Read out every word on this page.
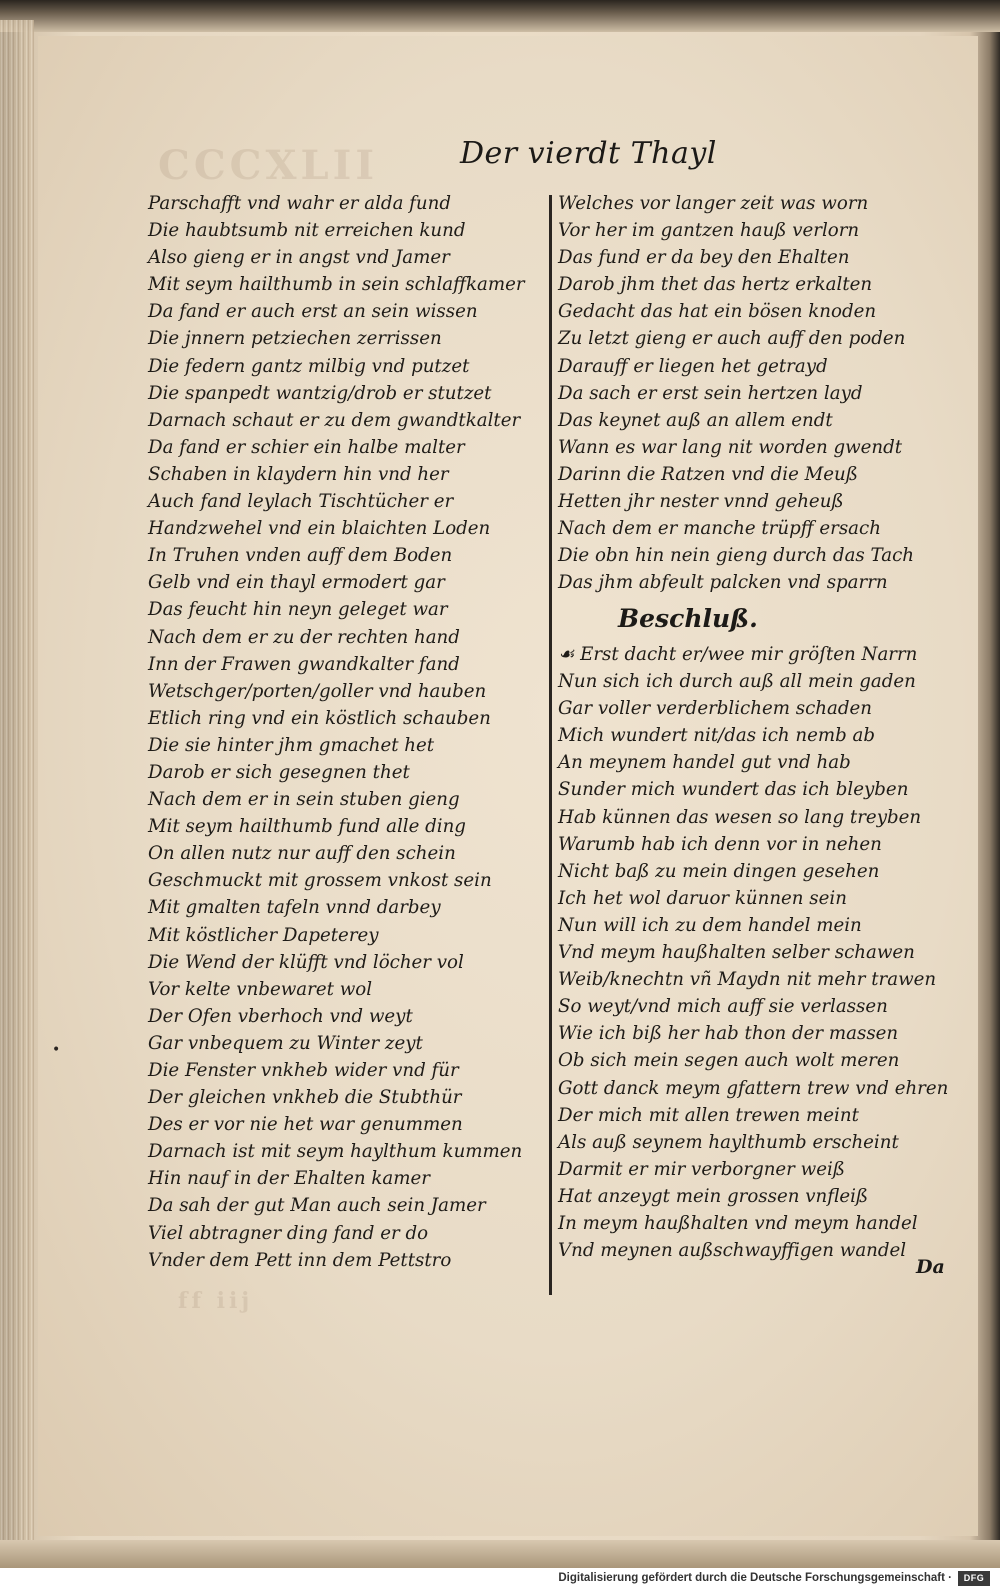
CCCXLII
ff iij
Der vierdt Thayl
Parschafft vnd wahr er alda fund
Die haubtsumb nit erreichen kund
Also gieng er in angst vnd Jamer
Mit seym hailthumb in sein schlaffkamer
Da fand er auch erst an sein wissen
Die jnnern petziechen zerrissen
Die federn gantz milbig vnd putzet
Die spanpedt wantzig/drob er stutzet
Darnach schaut er zu dem gwandtkalter
Da fand er schier ein halbe malter
Schaben in klaydern hin vnd her
Auch fand leylach Tischtücher er
Handzwehel vnd ein blaichten Loden
In Truhen vnden auff dem Boden
Gelb vnd ein thayl ermodert gar
Das feucht hin neyn geleget war
Nach dem er zu der rechten hand
Inn der Frawen gwandkalter fand
Wetschger/porten/goller vnd hauben
Etlich ring vnd ein köstlich schauben
Die sie hinter jhm gmachet het
Darob er sich gesegnen thet
Nach dem er in sein stuben gieng
Mit seym hailthumb fund alle ding
On allen nutz nur auff den schein
Geschmuckt mit grossem vnkost sein
Mit gmalten tafeln vnnd darbey
Mit köstlicher Dapeterey
Die Wend der klüfft vnd löcher vol
Vor kelte vnbewaret wol
Der Ofen vberhoch vnd weyt
Gar vnbequem zu Winter zeyt
Die Fenster vnkheb wider vnd für
Der gleichen vnkheb die Stubthür
Des er vor nie het war genummen
Darnach ist mit seym haylthum kummen
Hin nauf in der Ehalten kamer
Da sah der gut Man auch sein Jamer
Viel abtragner ding fand er do
Vnder dem Pett inn dem Pettstro
Welches vor langer zeit was worn
Vor her im gantzen hauß verlorn
Das fund er da bey den Ehalten
Darob jhm thet das hertz erkalten
Gedacht das hat ein bösen knoden
Zu letzt gieng er auch auff den poden
Darauff er liegen het getrayd
Da sach er erst sein hertzen layd
Das keynet auß an allem endt
Wann es war lang nit worden gwendt
Darinn die Ratzen vnd die Meuß
Hetten jhr nester vnnd geheuß
Nach dem er manche trüpff ersach
Die obn hin nein gieng durch das Tach
Das jhm abfeult palcken vnd sparrn
Beschluß.
☙ Erst dacht er/wee mir gröſten Narrn
Nun sich ich durch auß all mein gaden
Gar voller verderblichem schaden
Mich wundert nit/das ich nemb ab
An meynem handel gut vnd hab
Sunder mich wundert das ich bleyben
Hab künnen das wesen so lang treyben
Warumb hab ich denn vor in nehen
Nicht baß zu mein dingen gesehen
Ich het wol daruor künnen sein
Nun will ich zu dem handel mein
Vnd meym haußhalten selber schawen
Weib/knechtn vñ Maydn nit mehr trawen
So weyt/vnd mich auff sie verlassen
Wie ich biß her hab thon der massen
Ob sich mein segen auch wolt meren
Gott danck meym gfattern trew vnd ehren
Der mich mit allen trewen meint
Als auß seynem haylthumb erscheint
Darmit er mir verborgner weiß
Hat anzeygt mein grossen vnfleiß
In meym haußhalten vnd meym handel
Vnd meynen außschwayffigen wandel
Da
•
Digitalisierung gefördert durch die Deutsche Forschungsgemeinschaft ·	DFG
